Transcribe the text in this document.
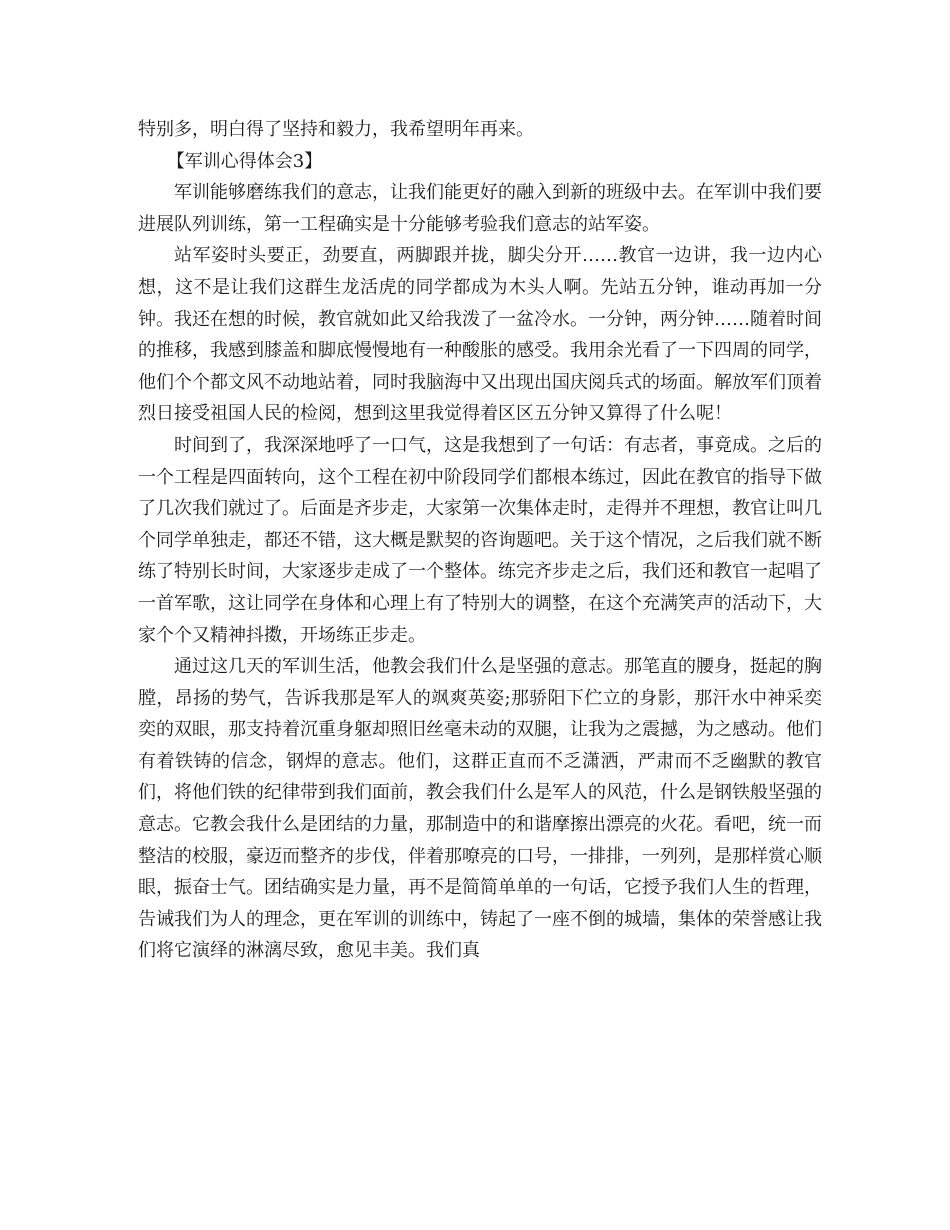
特别多，明白得了坚持和毅力，我希望明年再来。

【军训心得体会3】

军训能够磨练我们的意志，让我们能更好的融入到新的班级中去。在军训中我们要进展队列训练，第一工程确实是十分能够考验我们意志的站军姿。

站军姿时头要正，劲要直，两脚跟并拢，脚尖分开……教官一边讲，我一边内心想，这不是让我们这群生龙活虎的同学都成为木头人啊。先站五分钟，谁动再加一分钟。我还在想的时候，教官就如此又给我泼了一盆冷水。一分钟，两分钟……随着时间的推移，我感到膝盖和脚底慢慢地有一种酸胀的感受。我用余光看了一下四周的同学，他们个个都文风不动地站着，同时我脑海中又出现出国庆阅兵式的场面。解放军们顶着烈日接受祖国人民的检阅，想到这里我觉得着区区五分钟又算得了什么呢！

时间到了，我深深地呼了一口气，这是我想到了一句话：有志者，事竟成。之后的一个工程是四面转向，这个工程在初中阶段同学们都根本练过，因此在教官的指导下做了几次我们就过了。后面是齐步走，大家第一次集体走时，走得并不理想，教官让叫几个同学单独走，都还不错，这大概是默契的咨询题吧。关于这个情况，之后我们就不断练了特别长时间，大家逐步走成了一个整体。练完齐步走之后，我们还和教官一起唱了一首军歌，这让同学在身体和心理上有了特别大的调整，在这个充满笑声的活动下，大家个个又精神抖擞，开场练正步走。

通过这几天的军训生活，他教会我们什么是坚强的意志。那笔直的腰身，挺起的胸膛，昂扬的势气，告诉我那是军人的飒爽英姿;那骄阳下伫立的身影，那汗水中神采奕奕的双眼，那支持着沉重身躯却照旧丝毫未动的双腿，让我为之震撼，为之感动。他们有着铁铸的信念，钢焊的意志。他们，这群正直而不乏潇洒，严肃而不乏幽默的教官们，将他们铁的纪律带到我们面前，教会我们什么是军人的风范，什么是钢铁般坚强的意志。它教会我什么是团结的力量，那制造中的和谐摩擦出漂亮的火花。看吧，统一而整洁的校服，豪迈而整齐的步伐，伴着那嘹亮的口号，一排排，一列列，是那样赏心顺眼，振奋士气。团结确实是力量，再不是简简单单的一句话，它授予我们人生的哲理，告诫我们为人的理念，更在军训的训练中，铸起了一座不倒的城墙，集体的荣誉感让我们将它演绎的淋漓尽致，愈见丰美。我们真
